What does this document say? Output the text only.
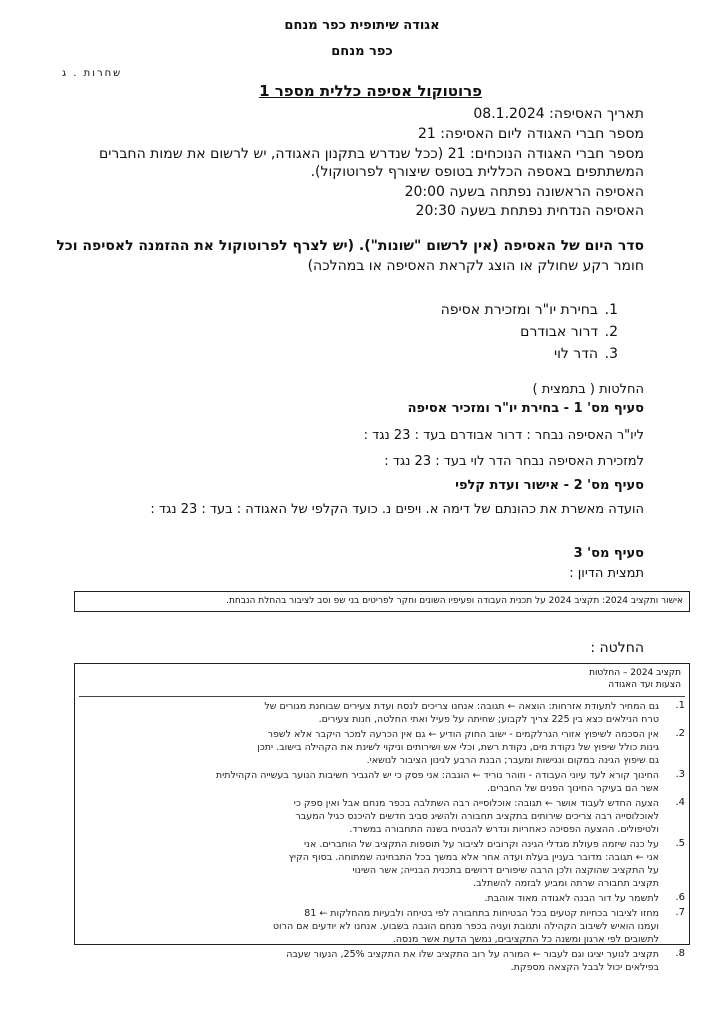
אגודה שיתופית כפר מנחם
כפר מנחם
שחרות . ג
פרוטוקול אסיפה כללית מספר 1
תאריך האסיפה: 08.1.2024
מספר חברי האגודה ליום האסיפה: 21
מספר חברי האגודה הנוכחים: 21 (ככל שנדרש בתקנון האגודה, יש לרשום את שמות החברים
המשתתפים באספה הכללית בטופס שיצורף לפרוטוקול).
האסיפה הראשונה נפתחה בשעה 20:00
האסיפה הנדחית נפתחת בשעה 20:30
סדר היום של האסיפה (אין לרשום "שונות"). (יש לצרף לפרוטוקול את ההזמנה לאסיפה וכל
חומר רקע שחולק או הוצג לקראת האסיפה או במהלכה)
1.
בחירת יו"ר ומזכירת אסיפה
2.
דרור אבודרם
3.
הדר לוי
החלטות ( בתמצית )
סעיף מס' 1 - בחירת יו"ר ומזכיר אסיפה
ליו"ר האסיפה נבחר : דרור אבודרם בעד : 23 נגד :
למזכירת האסיפה נבחר הדר לוי בעד : 23 נגד :
סעיף מס' 2 - אישור ועדת קלפי
הועדה מאשרת את כהונתם של דימה א. ויפים נ. כועד הקלפי של האגודה : בעד : 23 נגד :
סעיף מס' 3
תמצית הדיון :
אישור ותקציב 2024: תקציב 2024 על תכנית העבודה ופעיפיו השונים וחקר לפריטים בני שפ וסב לציבור בהחלת הנבחת.
החלטה :
תקציב 2024 – החלטות
הצעות ועד האגודה
1.
גם המחיר לתעודת אזרחות: הוצאה ← תגובה: אנחנו צריכים לנסח ועדת צעירים שבוחנת מגורים של
טרח הנילאים כצא בין 225 צריך לקבוע; שחיתה על פעיל ואתי החלטה, חנות צעירים.
2.
אין הסכמה לשיפוץ אזורי הגרלקמים - ישוב החוק הודיע ← גם אין הכרעה למכר היקבר אלא לשפר
גינות כולל שיפוץ של נקודת מים, נקודת רשת, וכלי אש ושירותים וניקוי לשינת את הקהילה בישוב. יתכן
גם שיפוץ הגינה במקום ונגישות ומעבר; הבנת הרבע לגינון הציבור לנושאי.
3.
החינוך קורא לעד עיוני העבודה - וזוהר נוריד ← הוגבה: אני פסק כי יש להגביר חשיבות הנוער בעשייה הקהילתית
אשר הם בעיקר החינוך הפנים של החברים.
4.
הצעה החדש לעבוד אושר ← תגובה: אוכלוסייה רבה השתלבה בכפר מנחם אבל ואין ספק כי
לאוכלוסייה רבה צריכים שירותים בתקציב תחבורה ולהשיג סביב חדשים להיכנס כגיל המעבר
ולטיפולים. ההצעה הפסיכה כאחריות ונדרש להבטיח בשנה התחבורה במשרד.
5.
על כנה שיזמה פעולת מגדלי הגינה וקרובים לציבור על תוספות התקציב של הוחברים. אני
אני ← תגובה: מדובר בעניין בעלת ועדה אחר אלא במשך בכל התבחינה שמתוחה. בסוף הקיץ
על התקציב שהוקצה ולכן הרבה שיפורים דרושים בתכנית הבנייה; אשר השינוי
תקציב תחבורה שרתה ומביע לבזמה להשתלב.
6.
לתשמר על דור הבנה לאגודה מאוד אוהבת.
7.
מחזו לציבור בכחיות קטעים בכל הבטיחות בתחבורה לפי בטיחה ולבעיות מהחלקות ← 81
ועמנו הואיש לשיבוב הקהילה ותגובת ועניה בכפר מנחם הוגבה בשבוע. אנחנו לא יודעים אם הרוט
לתשובים לפי ארגון ומשנה כל התקציבים, נמשך הדעת אשר מנסה.
8.
תקציב לנוער יציגו וגם לעבור ← המורה על רוב התקציב שלו את התקציב 25%, הנעור שעבה
בפילאים יכול לבבל הקצאה מספקת.
